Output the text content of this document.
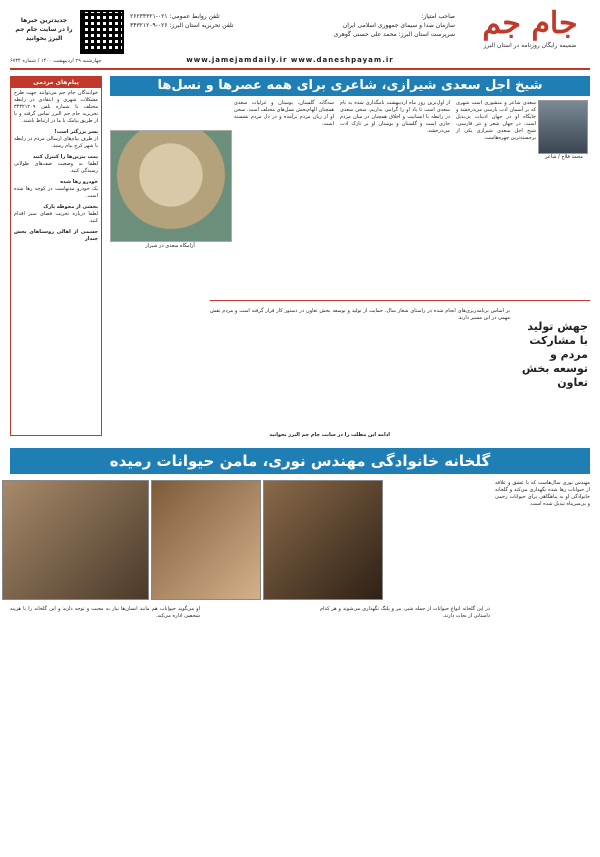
جام جم
ضمیمه رایگان روزنامه در استان البرز
صاحب امتیاز:
سازمان صدا و سیمای جمهوری اسلامی ایران
سرپرست استان البرز: محمد علی حسنی گوهری
تلفن روابط عمومی: ۰۲۱-۲۶۲۳۴۳۲۱
تلفن تحریریه استان البرز: ۰۲۶-۳۴۳۲۱۲۰۹
جدیدترین خبرها
را در سایت جام جم البرز بخوانید
www.jamejamdaily.ir www.daneshpayam.ir
چهارشنبه ۲۹ اردیبهشت ۱۴۰۰ / شماره ۶۷۳۴
شیخ اجل سعدی شیرازی، شاعری برای همه عصرها و نسل‌ها
پیام‌های مردمی
خوانندگان جام جم می‌توانند جهت طرح مشکلات شهری و انتقادی در رابطه مختلف با شماره تلفن ۳۴۳۲۱۲۰۹ تحریریه جام جم البرز تماس گرفته و یا از طریق پیامک با ما در ارتباط باشند.
پسر بزرگتر است!
از طرف پیام‌های ارسالی مردم در رابطه با شهر کرج پیام رسید.
پمپ بنزین‌ها را کنترل کنید
لطفا به وضعیت صف‌های طولانی رسیدگی کنید.
خودرو رها شده
یک خودرو مدتهاست در کوچه رها شده است.
بخشی از محوطه پارک
لطفا درباره تخریب فضای سبز اقدام کنید.
جسمی از اهالی روستاهای بخش چندار
محمد فلاح / شاعر
سعدی شاعر و منشوری است شهری که بر آسمان ادب پارسی می‌درخشد و جایگاه او در جهان ادبیات بی‌بدیل است. در جهان شعر و نثر فارسی، شیخ اجل سعدی شیرازی یکی از برجسته‌ترین چهره‌هاست.
از اول‌ترین روز ماه اردیبهشت نامگذاری شده به نام سعدی است تا یاد او را گرامی بداریم. سخن سعدی در رابطه با انسانیت و اخلاق همچنان در میان مردم جاری است و گلستان و بوستان او بر تارک ادب می‌درخشد.
سه‌گانه گلستان، بوستان و غزلیات سعدی همچنان الهام‌بخش نسل‌های مختلف است. سخن او از زبان مردم برآمده و در دل مردم نشسته است.
آرامگاه سعدی در شیراز
جهش تولید با مشارکت مردم و توسعه بخش تعاون
بر اساس برنامه‌ریزی‌های انجام شده در راستای شعار سال، حمایت از تولید و توسعه بخش تعاون در دستور کار قرار گرفته است و مردم نقش مهمی در این مسیر دارند.
ادامه این مطلب را در سایت جام جم البرز بخوانید
گلخانه خانوادگی مهندس نوری، مامن حیوانات رمیده
مهندس نوری سال‌هاست که با عشق و علاقه از حیوانات رها شده نگهداری می‌کند و گلخانه خانوادگی او به پناهگاهی برای حیوانات زخمی و بی‌سرپناه تبدیل شده است.
در این گلخانه انواع حیوانات از جمله شیر، ببر و پلنگ نگهداری می‌شوند و هر کدام داستانی از نجات دارند.
او می‌گوید حیوانات هم مانند انسان‌ها نیاز به محبت و توجه دارند و این گلخانه را با هزینه شخصی اداره می‌کند.
